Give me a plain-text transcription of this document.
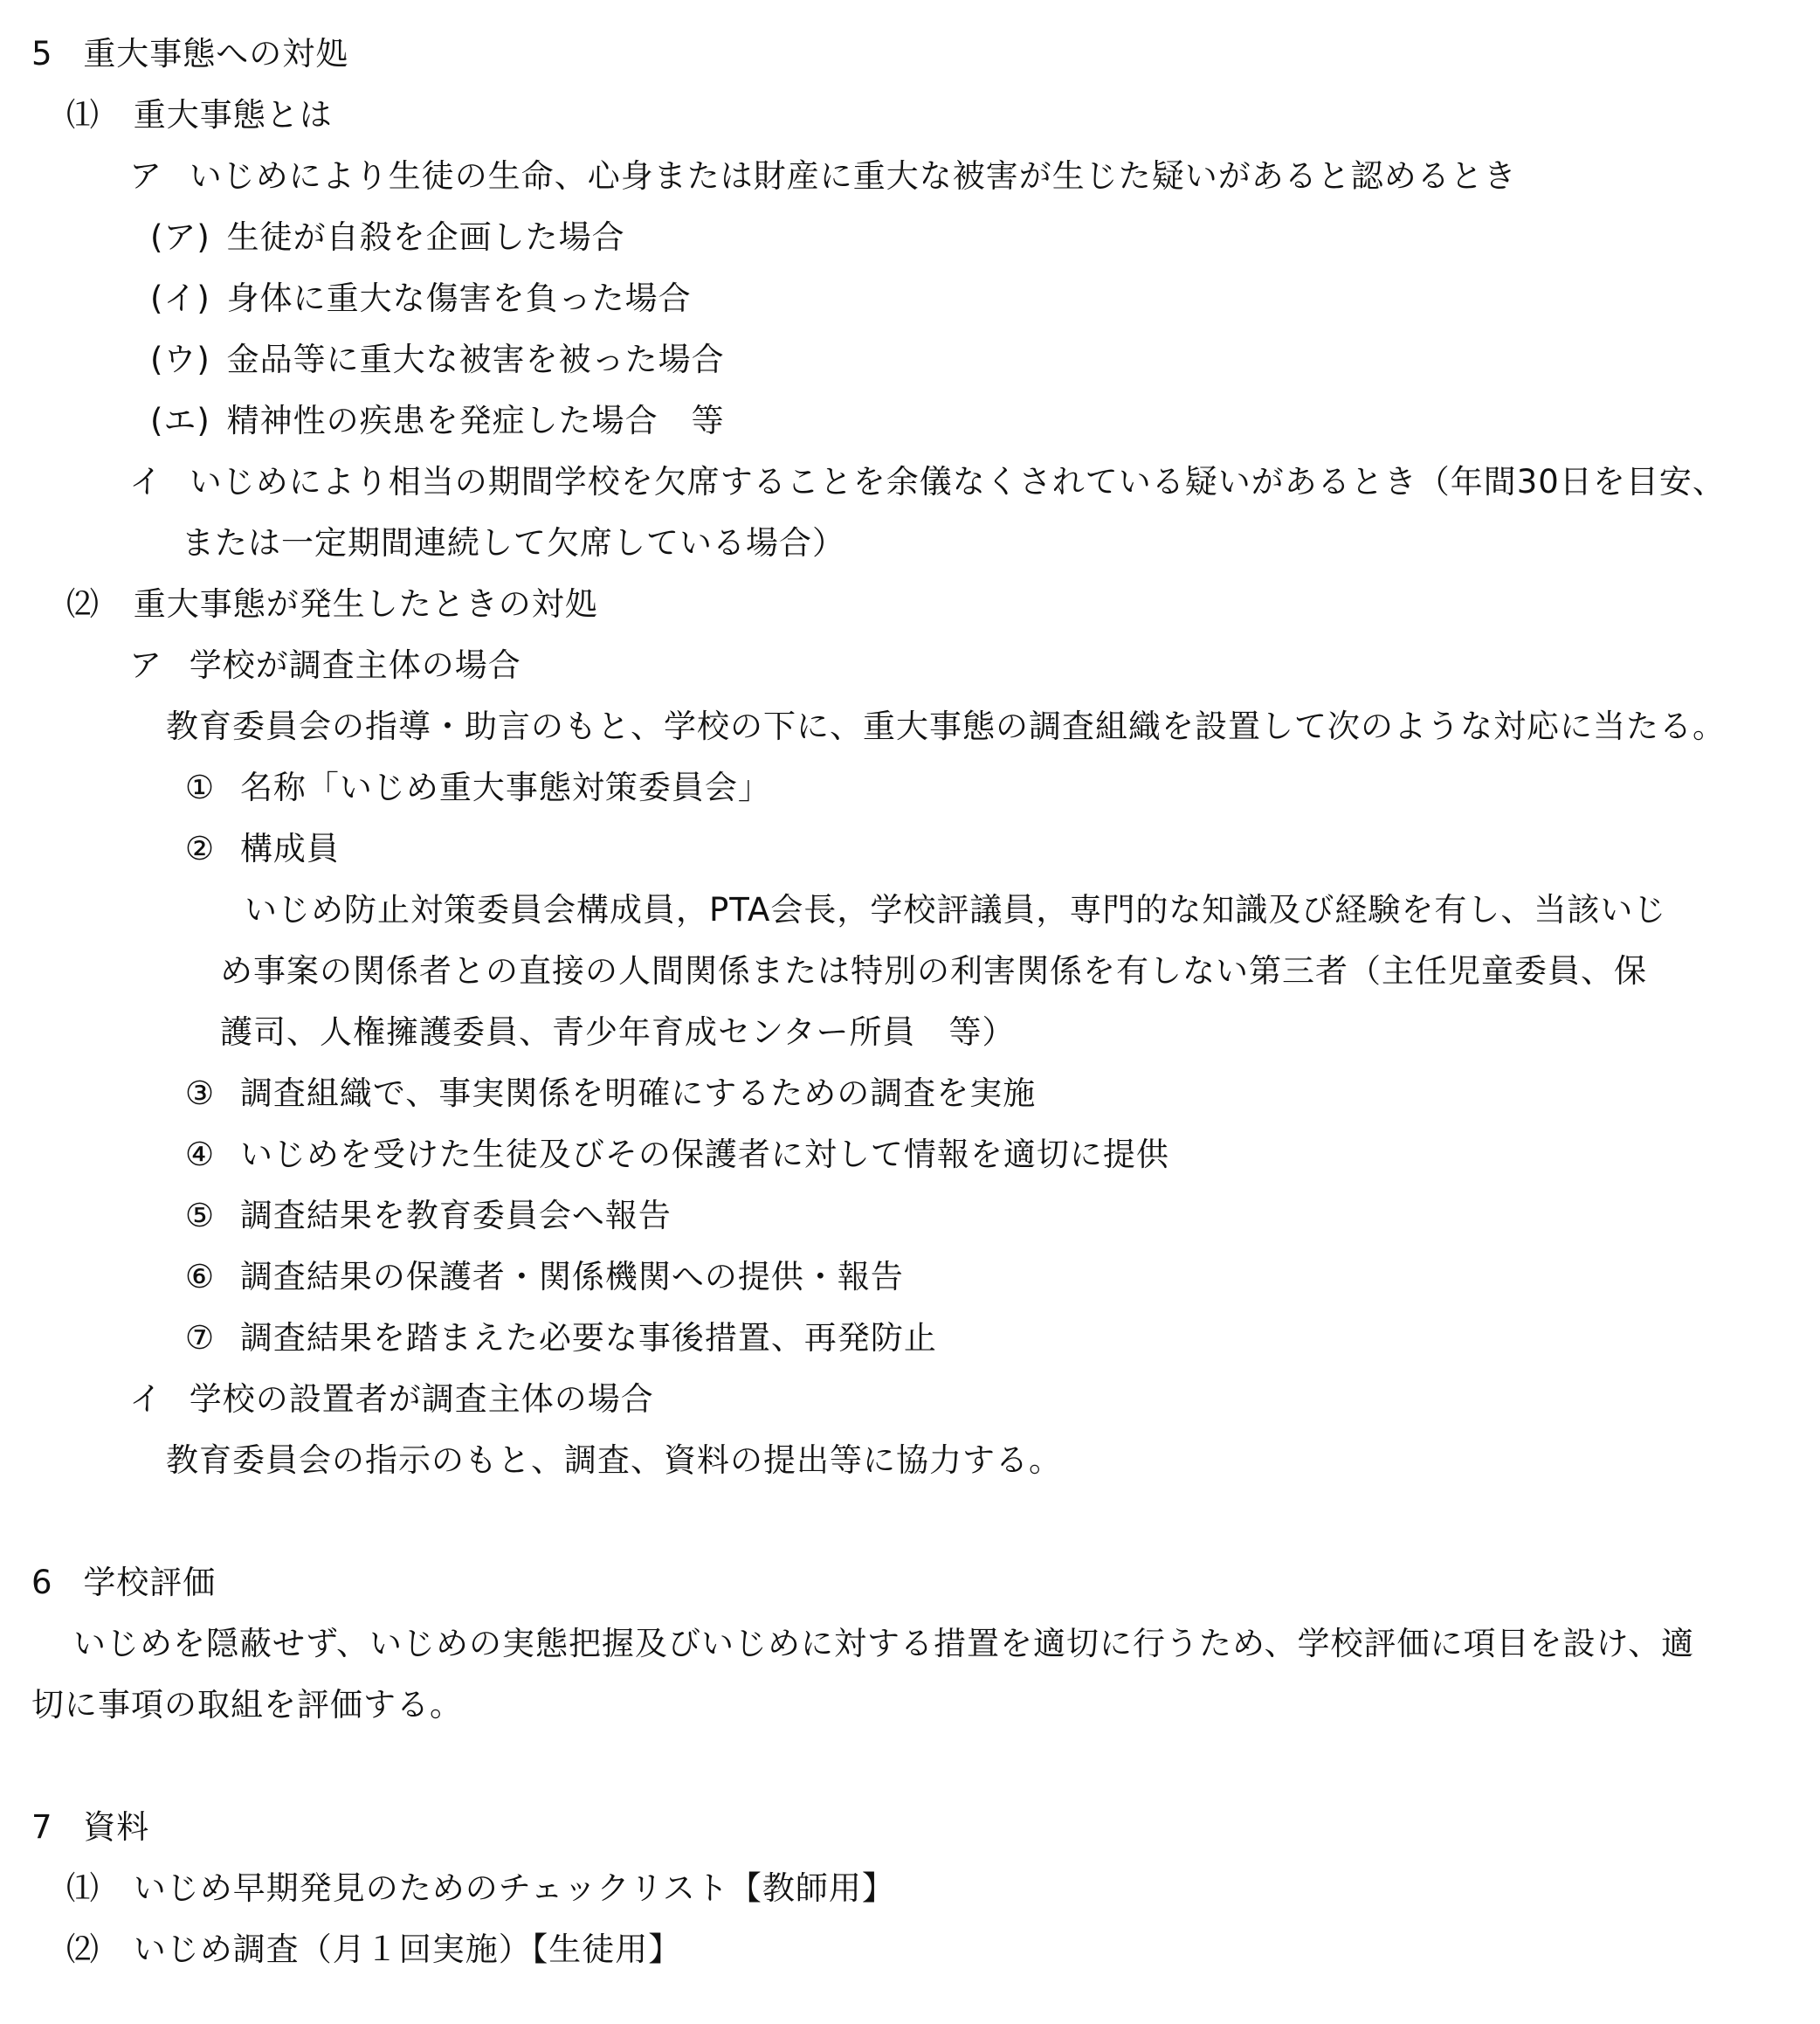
5 重大事態への対処
⑴ 重大事態とは
ア いじめにより生徒の生命、心身または財産に重大な被害が生じた疑いがあると認めるとき
(ア) 生徒が自殺を企画した場合
(イ) 身体に重大な傷害を負った場合
(ウ) 金品等に重大な被害を被った場合
(エ) 精神性の疾患を発症した場合　等
イ いじめにより相当の期間学校を欠席することを余儀なくされている疑いがあるとき（年間30日を目安、
または一定期間連続して欠席している場合）
⑵ 重大事態が発生したときの対処
ア 学校が調査主体の場合
教育委員会の指導・助言のもと、学校の下に、重大事態の調査組織を設置して次のような対応に当たる。
① 名称「いじめ重大事態対策委員会」
② 構成員
いじめ防止対策委員会構成員，PTA会長，学校評議員，専門的な知識及び経験を有し、当該いじ
め事案の関係者との直接の人間関係または特別の利害関係を有しない第三者（主任児童委員、保
護司、人権擁護委員、青少年育成センター所員　等）
③ 調査組織で、事実関係を明確にするための調査を実施
④ いじめを受けた生徒及びその保護者に対して情報を適切に提供
⑤ 調査結果を教育委員会へ報告
⑥ 調査結果の保護者・関係機関への提供・報告
⑦ 調査結果を踏まえた必要な事後措置、再発防止
イ 学校の設置者が調査主体の場合
教育委員会の指示のもと、調査、資料の提出等に協力する。
6 学校評価
いじめを隠蔽せず、いじめの実態把握及びいじめに対する措置を適切に行うため、学校評価に項目を設け、適
切に事項の取組を評価する。
7 資料
⑴ いじめ早期発見のためのチェックリスト【教師用】
⑵ いじめ調査（月１回実施）【生徒用】
